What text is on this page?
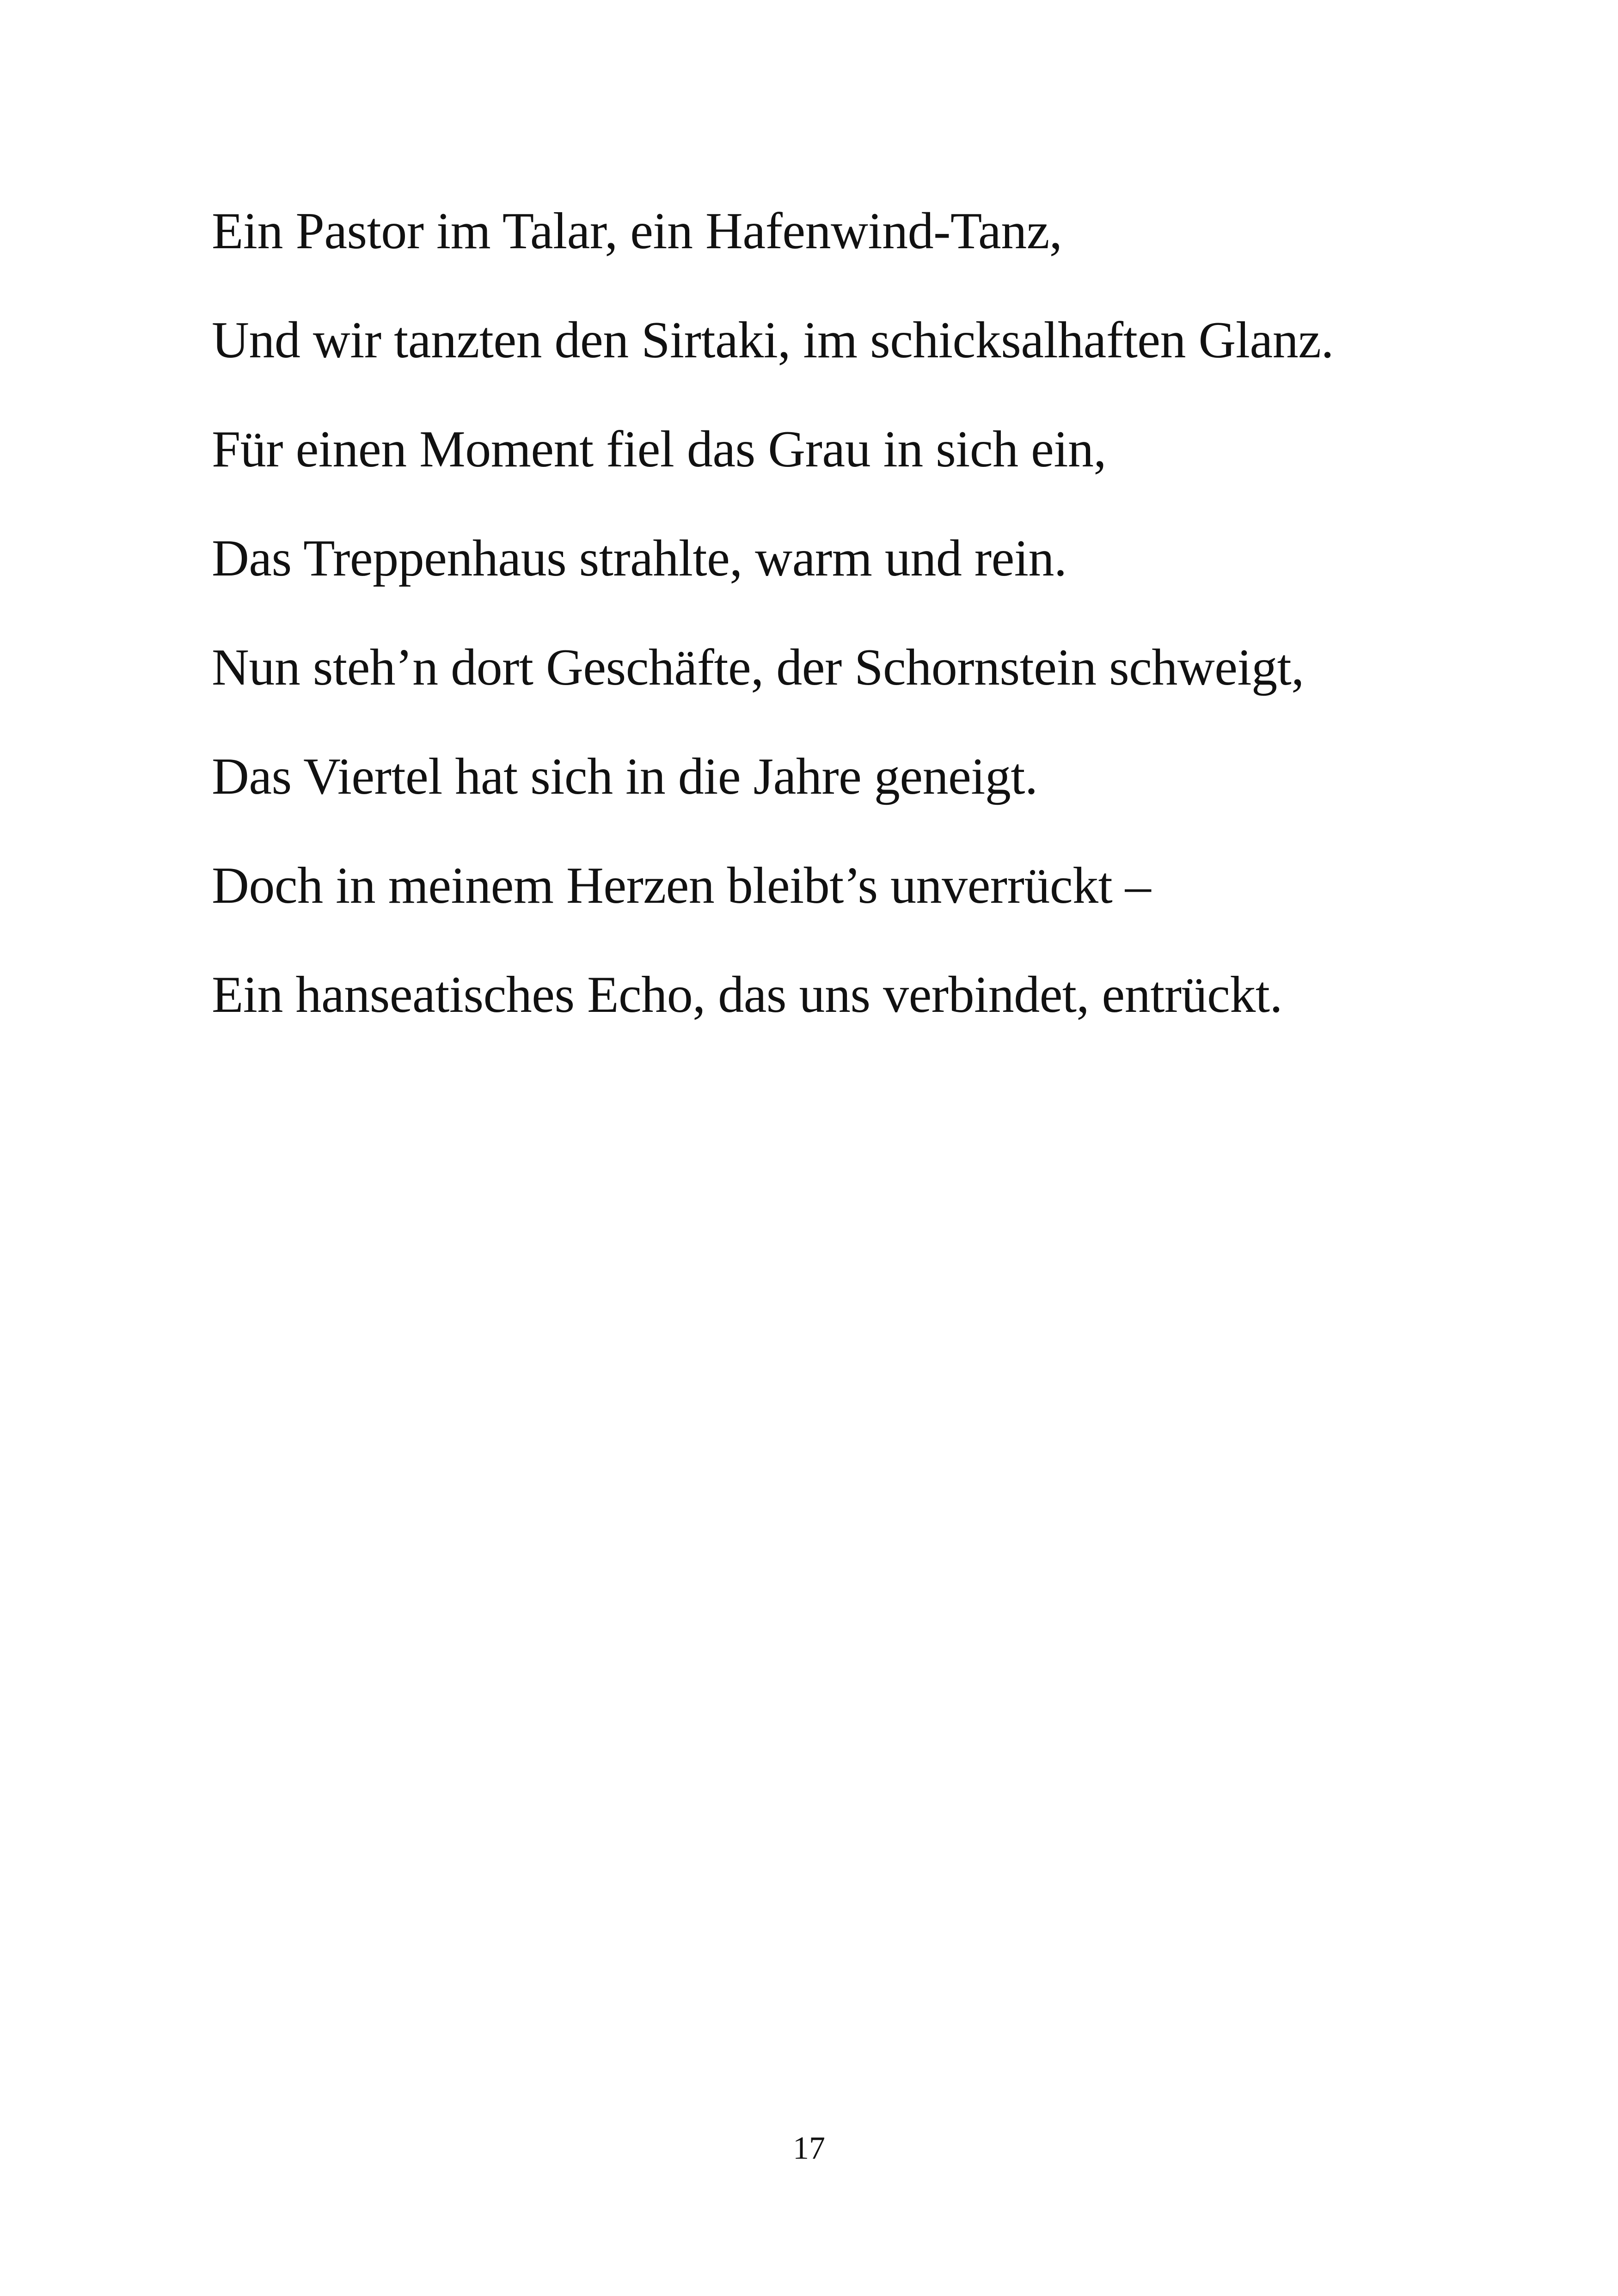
Ein Pastor im Talar, ein Hafenwind-Tanz,
Und wir tanzten den Sirtaki, im schicksalhaften Glanz.
Für einen Moment fiel das Grau in sich ein,
Das Treppenhaus strahlte, warm und rein.
Nun steh’n dort Geschäfte, der Schornstein schweigt,
Das Viertel hat sich in die Jahre geneigt.
Doch in meinem Herzen bleibt’s unverrückt –
Ein hanseatisches Echo, das uns verbindet, entrückt.
17
